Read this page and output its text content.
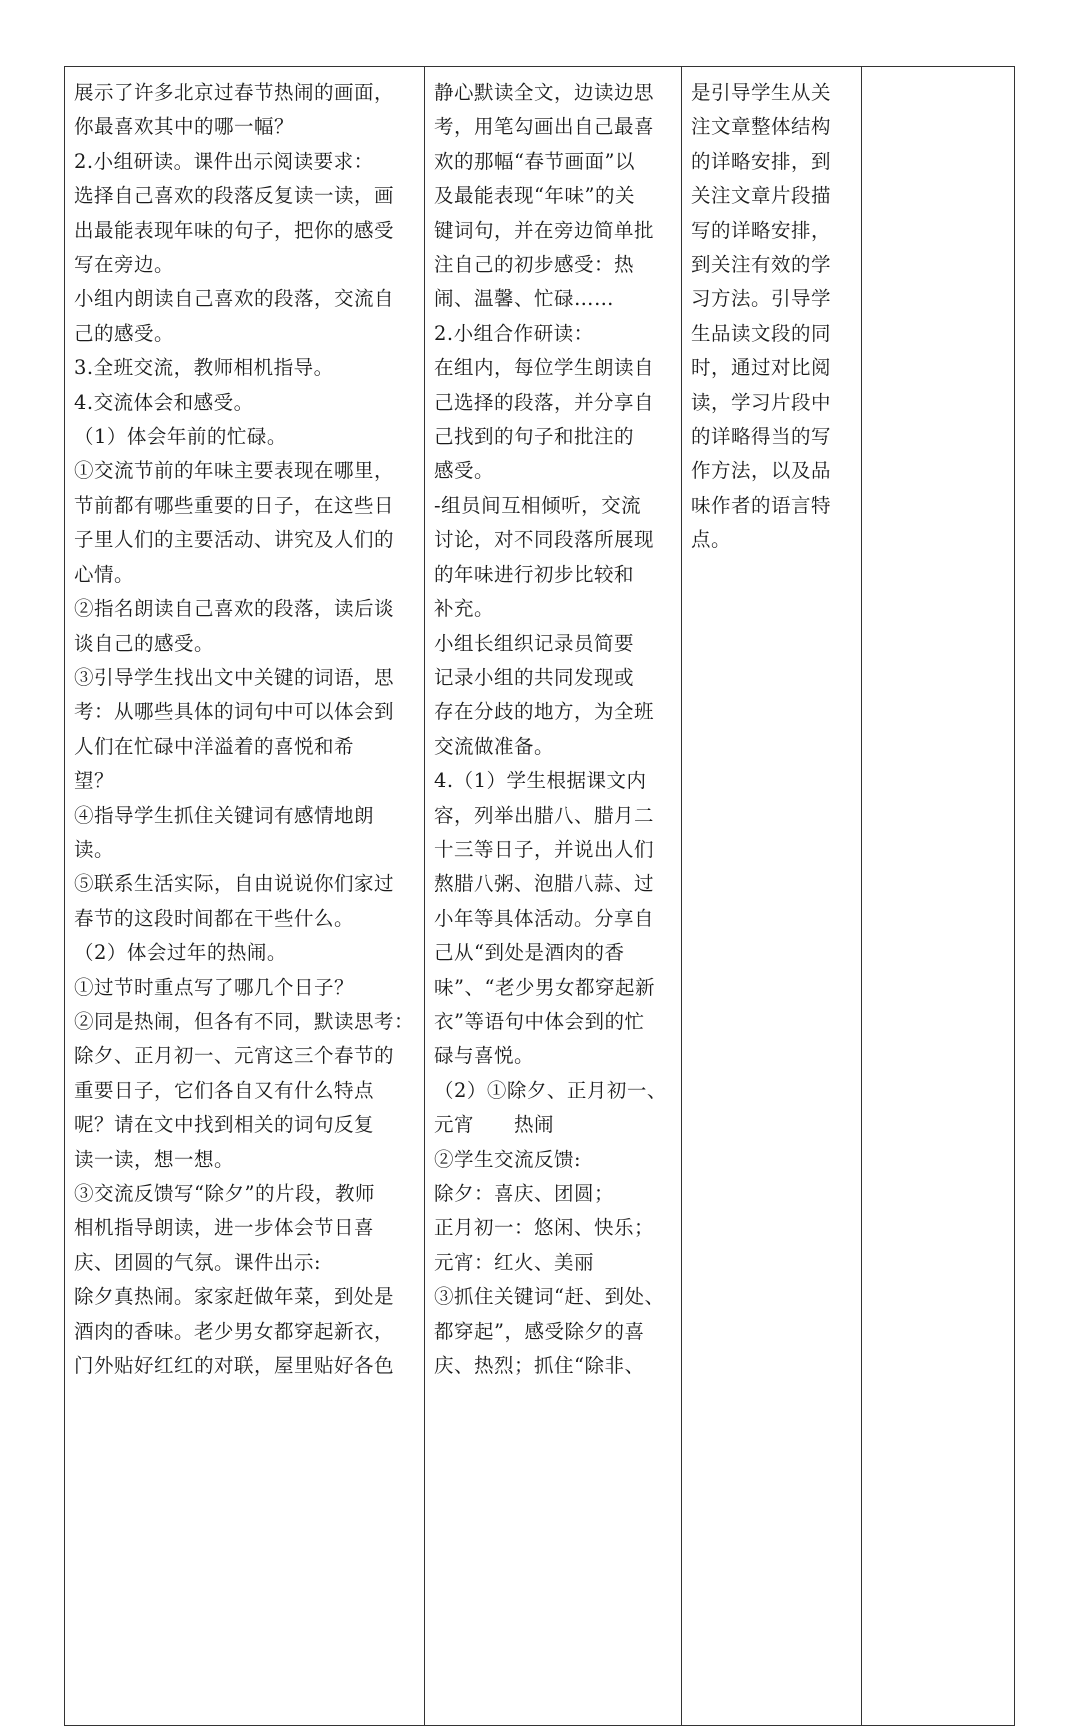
展示了许多北京过春节热闹的画面，

你最喜欢其中的哪一幅？

2.小组研读。课件出示阅读要求：

选择自己喜欢的段落反复读一读，画

出最能表现年味的句子，把你的感受

写在旁边。

小组内朗读自己喜欢的段落，交流自

己的感受。

3.全班交流，教师相机指导。

4.交流体会和感受。

（1）体会年前的忙碌。

①交流节前的年味主要表现在哪里，

节前都有哪些重要的日子，在这些日

子里人们的主要活动、讲究及人们的

心情。

②指名朗读自己喜欢的段落，读后谈

谈自己的感受。

③引导学生找出文中关键的词语，思

考：从哪些具体的词句中可以体会到

人们在忙碌中洋溢着的喜悦和希

望？

④指导学生抓住关键词有感情地朗

读。

⑤联系生活实际，自由说说你们家过

春节的这段时间都在干些什么。

（2）体会过年的热闹。

①过节时重点写了哪几个日子？

②同是热闹，但各有不同，默读思考：

除夕、正月初一、元宵这三个春节的

重要日子，它们各自又有什么特点

呢？请在文中找到相关的词句反复

读一读，想一想。

③交流反馈写“除夕”的片段，教师

相机指导朗读，进一步体会节日喜

庆、团圆的气氛。课件出示:

除夕真热闹。家家赶做年菜，到处是

酒肉的香味。老少男女都穿起新衣，

门外贴好红红的对联，屋里贴好各色

静心默读全文，边读边思

考，用笔勾画出自己最喜

欢的那幅“春节画面”以

及最能表现“年味”的关

键词句，并在旁边简单批

注自己的初步感受：热

闹、温馨、忙碌……

2.小组合作研读：

在组内，每位学生朗读自

己选择的段落，并分享自

己找到的句子和批注的

感受。

-组员间互相倾听，交流

讨论，对不同段落所展现

的年味进行初步比较和

补充。

小组长组织记录员简要

记录小组的共同发现或

存在分歧的地方，为全班

交流做准备。

4.（1）学生根据课文内

容，列举出腊八、腊月二

十三等日子，并说出人们

熬腊八粥、泡腊八蒜、过

小年等具体活动。分享自

己从“到处是酒肉的香

味”、“老少男女都穿起新

衣”等语句中体会到的忙

碌与喜悦。

（2）①除夕、正月初一、

元宵　　热闹

②学生交流反馈:

除夕：喜庆、团圆；

正月初一：悠闲、快乐；

元宵：红火、美丽

③抓住关键词“赶、到处、

都穿起”，感受除夕的喜

庆、热烈；抓住“除非、

是引导学生从关

注文章整体结构

的详略安排，到

关注文章片段描

写的详略安排，

到关注有效的学

习方法。引导学

生品读文段的同

时，通过对比阅

读，学习片段中

的详略得当的写

作方法，以及品

味作者的语言特

点。
